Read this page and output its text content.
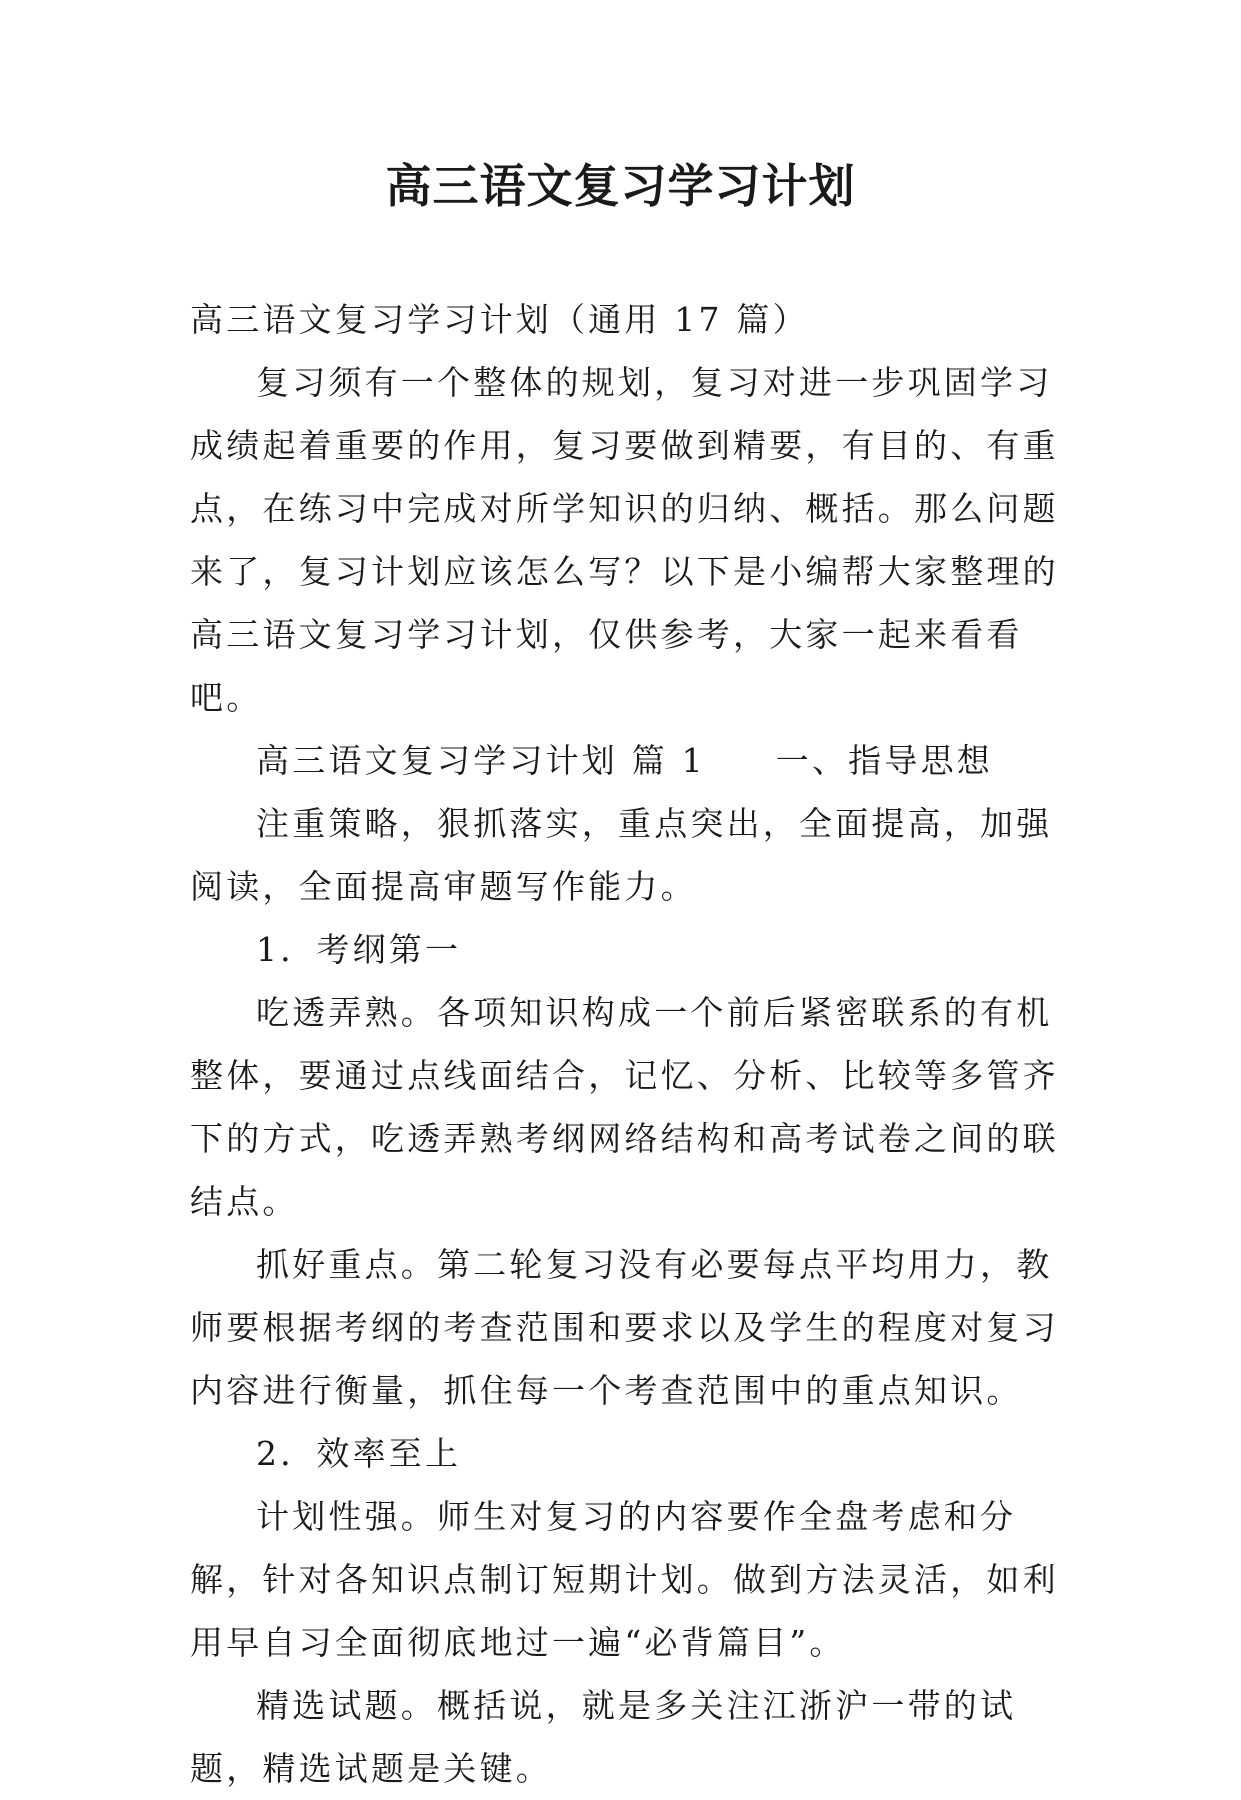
高三语文复习学习计划

高三语文复习学习计划（通用 17 篇）

复习须有一个整体的规划，复习对进一步巩固学习成绩起着重要的作用，复习要做到精要，有目的、有重点，在练习中完成对所学知识的归纳、概括。那么问题来了，复习计划应该怎么写？以下是小编帮大家整理的高三语文复习学习计划，仅供参考，大家一起来看看吧。

高三语文复习学习计划 篇 1 一、指导思想

注重策略，狠抓落实，重点突出，全面提高，加强阅读，全面提高审题写作能力。

1．考纲第一

吃透弄熟。各项知识构成一个前后紧密联系的有机整体，要通过点线面结合，记忆、分析、比较等多管齐下的方式，吃透弄熟考纲网络结构和高考试卷之间的联结点。

抓好重点。第二轮复习没有必要每点平均用力，教师要根据考纲的考查范围和要求以及学生的程度对复习内容进行衡量，抓住每一个考查范围中的重点知识。

2．效率至上

计划性强。师生对复习的内容要作全盘考虑和分解，针对各知识点制订短期计划。做到方法灵活，如利用早自习全面彻底地过一遍“必背篇目”。

精选试题。概括说，就是多关注江浙沪一带的试题，精选试题是关键。
